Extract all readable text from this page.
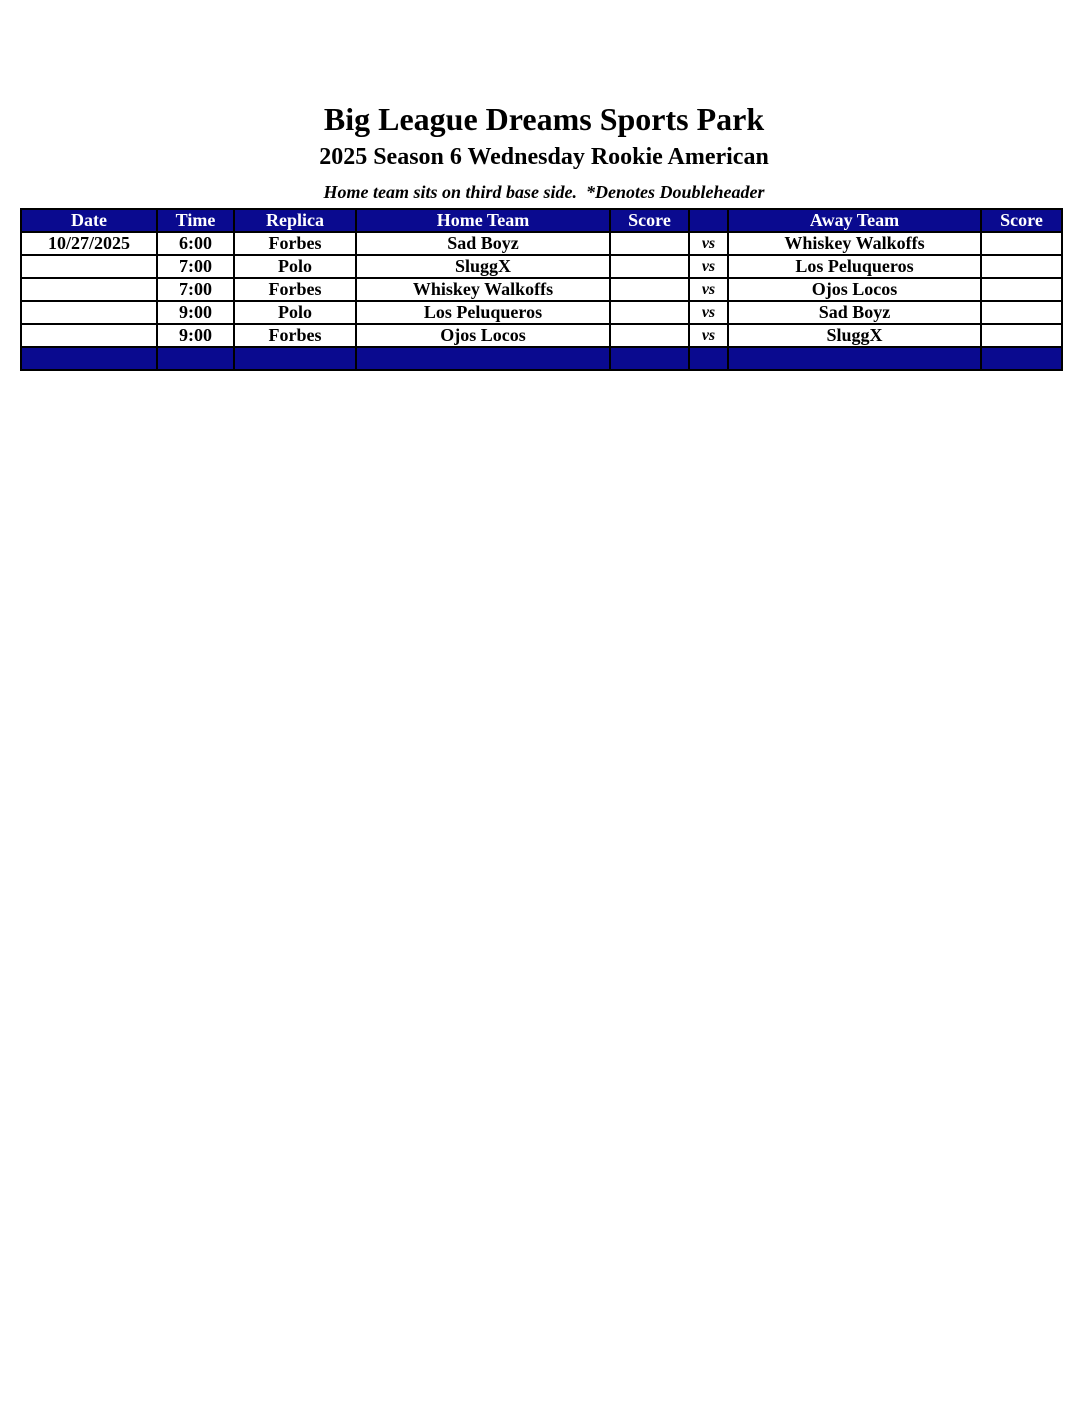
Big League Dreams Sports Park
2025 Season 6 Wednesday Rookie American

Home team sits on third base side.  *Denotes Doubleheader

Date	Time	Replica	Home Team	Score		Away Team	Score
10/27/2025	6:00	Forbes	Sad Boyz		vs	Whiskey Walkoffs	
	7:00	Polo	SluggX		vs	Los Peluqueros	
	7:00	Forbes	Whiskey Walkoffs		vs	Ojos Locos	
	9:00	Polo	Los Peluqueros		vs	Sad Boyz	
	9:00	Forbes	Ojos Locos		vs	SluggX	
